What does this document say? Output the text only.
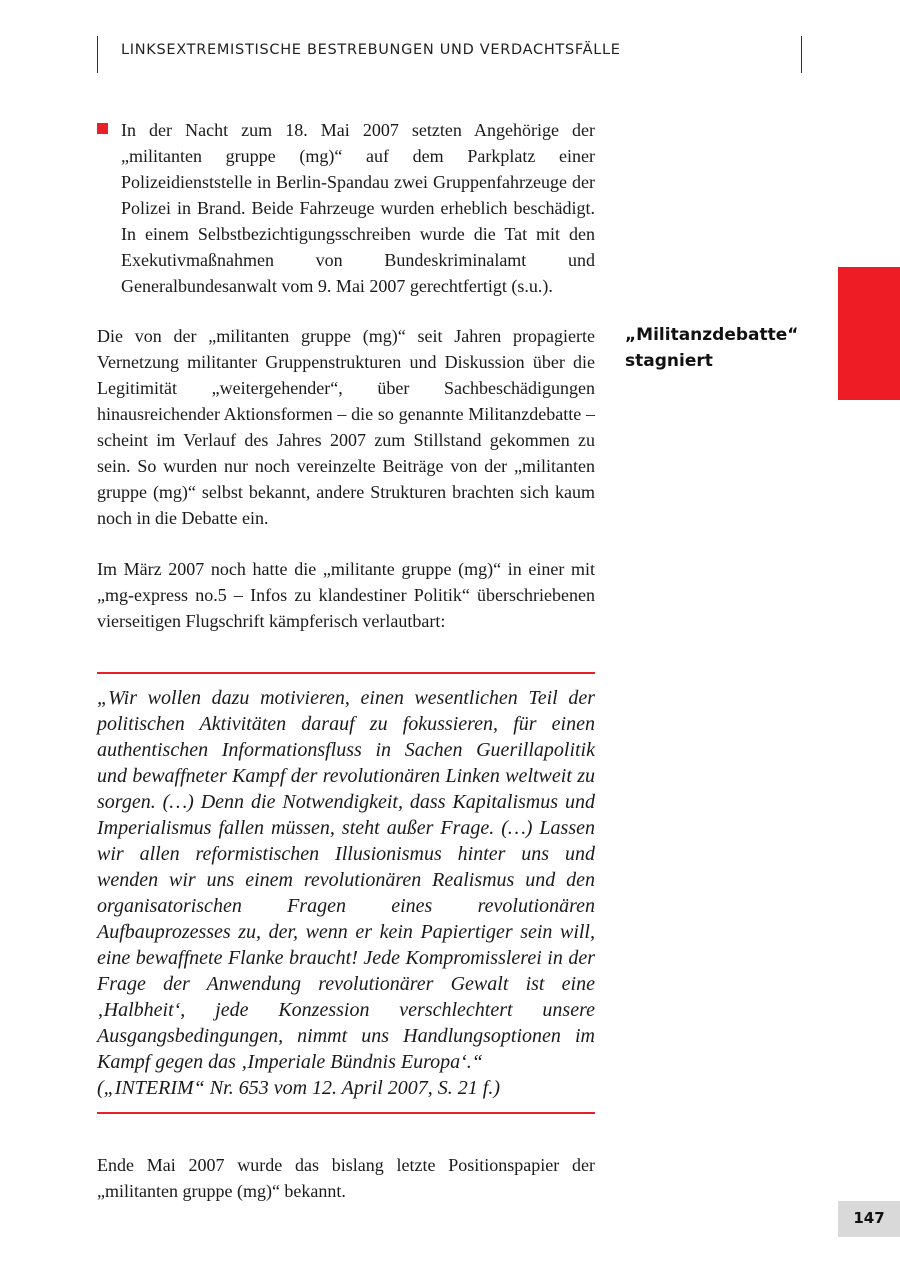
LINKSEXTREMISTISCHE BESTREBUNGEN UND VERDACHTSFÄLLE

In der Nacht zum 18. Mai 2007 setzten Angehörige der „militanten gruppe (mg)“ auf dem Parkplatz einer Polizeidienststelle in Berlin-Spandau zwei Gruppenfahrzeuge der Polizei in Brand. Beide Fahrzeuge wurden erheblich beschädigt. In einem Selbstbezichtigungsschreiben wurde die Tat mit den Exekutivmaßnahmen von Bundeskriminalamt und Generalbundesanwalt vom 9. Mai 2007 gerechtfertigt (s.u.).

Die von der „militanten gruppe (mg)“ seit Jahren propagierte Vernetzung militanter Gruppenstrukturen und Diskussion über die Legitimität „weitergehender“, über Sachbeschädigungen hinausreichender Aktionsformen – die so genannte Militanzdebatte – scheint im Verlauf des Jahres 2007 zum Stillstand gekommen zu sein. So wurden nur noch vereinzelte Beiträge von der „militanten gruppe (mg)“ selbst bekannt, andere Strukturen brachten sich kaum noch in die Debatte ein.

„Militanzdebatte“
stagniert

Im März 2007 noch hatte die „militante gruppe (mg)“ in einer mit „mg-express no.5 – Infos zu klandestiner Politik“ überschriebenen vierseitigen Flugschrift kämpferisch verlautbart:

„Wir wollen dazu motivieren, einen wesentlichen Teil der politischen Aktivitäten darauf zu fokussieren, für einen authentischen Informationsfluss in Sachen Guerillapolitik und bewaffneter Kampf der revolutionären Linken weltweit zu sorgen. (…) Denn die Notwendigkeit, dass Kapitalismus und Imperialismus fallen müssen, steht außer Frage. (…) Lassen wir allen reformistischen Illusionismus hinter uns und wenden wir uns einem revolutionären Realismus und den organisatorischen Fragen eines revolutionären Aufbauprozesses zu, der, wenn er kein Papiertiger sein will, eine bewaffnete Flanke braucht! Jede Kompromisslerei in der Frage der Anwendung revolutionärer Gewalt ist eine ‚Halbheit‘, jede Konzession verschlechtert unsere Ausgangsbedingungen, nimmt uns Handlungsoptionen im Kampf gegen das ‚Imperiale Bündnis Europa‘.“

(„INTERIM“ Nr. 653 vom 12. April 2007, S. 21 f.)

Ende Mai 2007 wurde das bislang letzte Positionspapier der „militanten gruppe (mg)“ bekannt.

147
